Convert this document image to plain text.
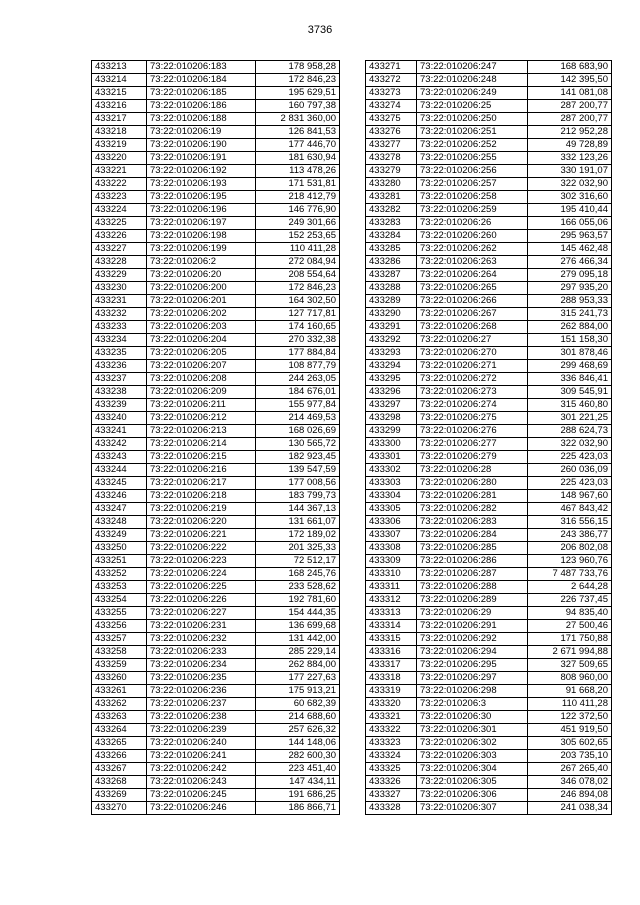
3736
433213	73:22:010206:183	178 958,28
433214	73:22:010206:184	172 846,23
433215	73:22:010206:185	195 629,51
433216	73:22:010206:186	160 797,38
433217	73:22:010206:188	2 831 360,00
433218	73:22:010206:19	126 841,53
433219	73:22:010206:190	177 446,70
433220	73:22:010206:191	181 630,94
433221	73:22:010206:192	113 478,26
433222	73:22:010206:193	171 531,81
433223	73:22:010206:195	218 412,79
433224	73:22:010206:196	146 776,90
433225	73:22:010206:197	249 301,66
433226	73:22:010206:198	152 253,65
433227	73:22:010206:199	110 411,28
433228	73:22:010206:2	272 084,94
433229	73:22:010206:20	208 554,64
433230	73:22:010206:200	172 846,23
433231	73:22:010206:201	164 302,50
433232	73:22:010206:202	127 717,81
433233	73:22:010206:203	174 160,65
433234	73:22:010206:204	270 332,38
433235	73:22:010206:205	177 884,84
433236	73:22:010206:207	108 877,79
433237	73:22:010206:208	244 263,05
433238	73:22:010206:209	184 676,01
433239	73:22:010206:211	155 977,84
433240	73:22:010206:212	214 469,53
433241	73:22:010206:213	168 026,69
433242	73:22:010206:214	130 565,72
433243	73:22:010206:215	182 923,45
433244	73:22:010206:216	139 547,59
433245	73:22:010206:217	177 008,56
433246	73:22:010206:218	183 799,73
433247	73:22:010206:219	144 367,13
433248	73:22:010206:220	131 661,07
433249	73:22:010206:221	172 189,02
433250	73:22:010206:222	201 325,33
433251	73:22:010206:223	72 512,17
433252	73:22:010206:224	168 245,76
433253	73:22:010206:225	233 528,62
433254	73:22:010206:226	192 781,60
433255	73:22:010206:227	154 444,35
433256	73:22:010206:231	136 699,68
433257	73:22:010206:232	131 442,00
433258	73:22:010206:233	285 229,14
433259	73:22:010206:234	262 884,00
433260	73:22:010206:235	177 227,63
433261	73:22:010206:236	175 913,21
433262	73:22:010206:237	60 682,39
433263	73:22:010206:238	214 688,60
433264	73:22:010206:239	257 626,32
433265	73:22:010206:240	144 148,06
433266	73:22:010206:241	282 600,30
433267	73:22:010206:242	223 451,40
433268	73:22:010206:243	147 434,11
433269	73:22:010206:245	191 686,25
433270	73:22:010206:246	186 866,71
433271	73:22:010206:247	168 683,90
433272	73:22:010206:248	142 395,50
433273	73:22:010206:249	141 081,08
433274	73:22:010206:25	287 200,77
433275	73:22:010206:250	287 200,77
433276	73:22:010206:251	212 952,28
433277	73:22:010206:252	49 728,89
433278	73:22:010206:255	332 123,26
433279	73:22:010206:256	330 191,07
433280	73:22:010206:257	322 032,90
433281	73:22:010206:258	302 316,60
433282	73:22:010206:259	195 410,44
433283	73:22:010206:26	166 055,06
433284	73:22:010206:260	295 963,57
433285	73:22:010206:262	145 462,48
433286	73:22:010206:263	276 466,34
433287	73:22:010206:264	279 095,18
433288	73:22:010206:265	297 935,20
433289	73:22:010206:266	288 953,33
433290	73:22:010206:267	315 241,73
433291	73:22:010206:268	262 884,00
433292	73:22:010206:27	151 158,30
433293	73:22:010206:270	301 878,46
433294	73:22:010206:271	299 468,69
433295	73:22:010206:272	336 846,41
433296	73:22:010206:273	309 545,91
433297	73:22:010206:274	315 460,80
433298	73:22:010206:275	301 221,25
433299	73:22:010206:276	288 624,73
433300	73:22:010206:277	322 032,90
433301	73:22:010206:279	225 423,03
433302	73:22:010206:28	260 036,09
433303	73:22:010206:280	225 423,03
433304	73:22:010206:281	148 967,60
433305	73:22:010206:282	467 843,42
433306	73:22:010206:283	316 556,15
433307	73:22:010206:284	243 386,77
433308	73:22:010206:285	206 802,08
433309	73:22:010206:286	123 960,76
433310	73:22:010206:287	7 487 733,76
433311	73:22:010206:288	2 644,28
433312	73:22:010206:289	226 737,45
433313	73:22:010206:29	94 835,40
433314	73:22:010206:291	27 500,46
433315	73:22:010206:292	171 750,88
433316	73:22:010206:294	2 671 994,88
433317	73:22:010206:295	327 509,65
433318	73:22:010206:297	808 960,00
433319	73:22:010206:298	91 668,20
433320	73:22:010206:3	110 411,28
433321	73:22:010206:30	122 372,50
433322	73:22:010206:301	451 919,50
433323	73:22:010206:302	305 602,65
433324	73:22:010206:303	203 735,10
433325	73:22:010206:304	267 265,40
433326	73:22:010206:305	346 078,02
433327	73:22:010206:306	246 894,08
433328	73:22:010206:307	241 038,34
